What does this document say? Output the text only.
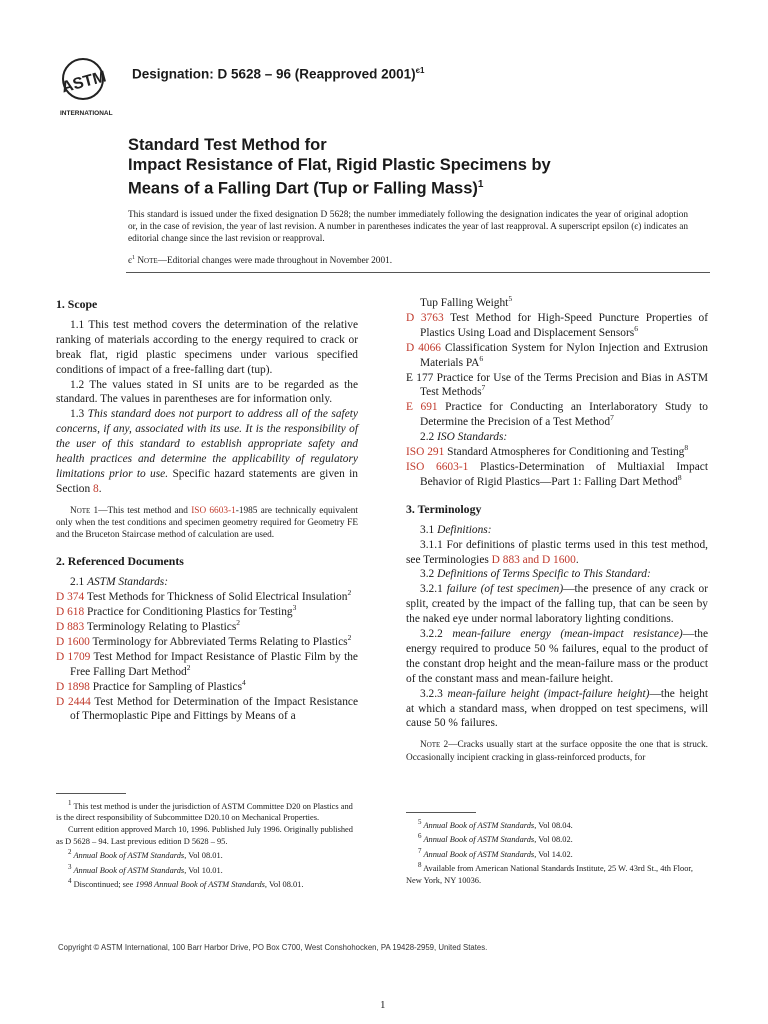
ASTM
INTERNATIONAL
Designation: D 5628 – 96 (Reapproved 2001)$^{є1}$
Standard Test Method for
Impact Resistance of Flat, Rigid Plastic Specimens by
Means of a Falling Dart (Tup or Falling Mass)$^1$
This standard is issued under the fixed designation D 5628; the number immediately following the designation indicates the year of original adoption or, in the case of revision, the year of last revision. A number in parentheses indicates the year of last reapproval. A superscript epsilon (є) indicates an editorial change since the last revision or reapproval.
$є^1$ Note—Editorial changes were made throughout in November 2001.

1. Scope

1.1 This test method covers the determination of the relative ranking of materials according to the energy required to crack or break flat, rigid plastic specimens under various specified conditions of impact of a free-falling dart (tup).

1.2 The values stated in SI units are to be regarded as the standard. The values in parentheses are for information only.

1.3 This standard does not purport to address all of the safety concerns, if any, associated with its use. It is the responsibility of the user of this standard to establish appropriate safety and health practices and determine the applicability of regulatory limitations prior to use. Specific hazard statements are given in Section 8.

Note 1—This test method and ISO 6603-1-1985 are technically equivalent only when the test conditions and specimen geometry required for Geometry FE and the Bruceton Staircase method of calculation are used.

2. Referenced Documents

2.1 ASTM Standards:

D 374 Test Methods for Thickness of Solid Electrical Insulation$^2$

D 618 Practice for Conditioning Plastics for Testing$^3$

D 883 Terminology Relating to Plastics$^2$

D 1600 Terminology for Abbreviated Terms Relating to Plastics$^2$

D 1709 Test Method for Impact Resistance of Plastic Film by the Free Falling Dart Method$^2$

D 1898 Practice for Sampling of Plastics$^4$

D 2444 Test Method for Determination of the Impact Resistance of Thermoplastic Pipe and Fittings by Means of a

$^1$ This test method is under the jurisdiction of ASTM Committee D20 on Plastics and is the direct responsibility of Subcommittee D20.10 on Mechanical Properties.

Current edition approved March 10, 1996. Published July 1996. Originally published as D 5628 – 94. Last previous edition D 5628 – 95.

$^2$ Annual Book of ASTM Standards, Vol 08.01.

$^3$ Annual Book of ASTM Standards, Vol 10.01.

$^4$ Discontinued; see 1998 Annual Book of ASTM Standards, Vol 08.01.

Tup Falling Weight$^5$

D 3763 Test Method for High-Speed Puncture Properties of Plastics Using Load and Displacement Sensors$^6$

D 4066 Classification System for Nylon Injection and Extrusion Materials $PA^6$

E 177 Practice for Use of the Terms Precision and Bias in ASTM Test Methods$^7$

E 691 Practice for Conducting an Interlaboratory Study to Determine the Precision of a Test Method$^7$

2.2 ISO Standards:

ISO 291 Standard Atmospheres for Conditioning and Testing$^8$

ISO 6603-1 Plastics-Determination of Multiaxial Impact Behavior of Rigid Plastics—Part 1: Falling Dart Method$^8$

3. Terminology

3.1 Definitions:

3.1.1 For definitions of plastic terms used in this test method, see Terminologies D 883 and D 1600.

3.2 Definitions of Terms Specific to This Standard:

3.2.1 failure (of test specimen)—the presence of any crack or split, created by the impact of the falling tup, that can be seen by the naked eye under normal laboratory lighting conditions.

3.2.2 mean-failure energy (mean-impact resistance)—the energy required to produce 50 % failures, equal to the product of the constant drop height and the mean-failure mass or the product of the constant mass and mean-failure height.

3.2.3 mean-failure height (impact-failure height)—the height at which a standard mass, when dropped on test specimens, will cause 50 % failures.

Note 2—Cracks usually start at the surface opposite the one that is struck. Occasionally incipient cracking in glass-reinforced products, for

$^5$ Annual Book of ASTM Standards, Vol 08.04.

$^6$ Annual Book of ASTM Standards, Vol 08.02.

$^7$ Annual Book of ASTM Standards, Vol 14.02.

$^8$ Available from American National Standards Institute, 25 W. 43rd St., 4th Floor, New York, NY 10036.

Copyright © ASTM International, 100 Barr Harbor Drive, PO Box C700, West Conshohocken, PA 19428-2959, United States.
1
